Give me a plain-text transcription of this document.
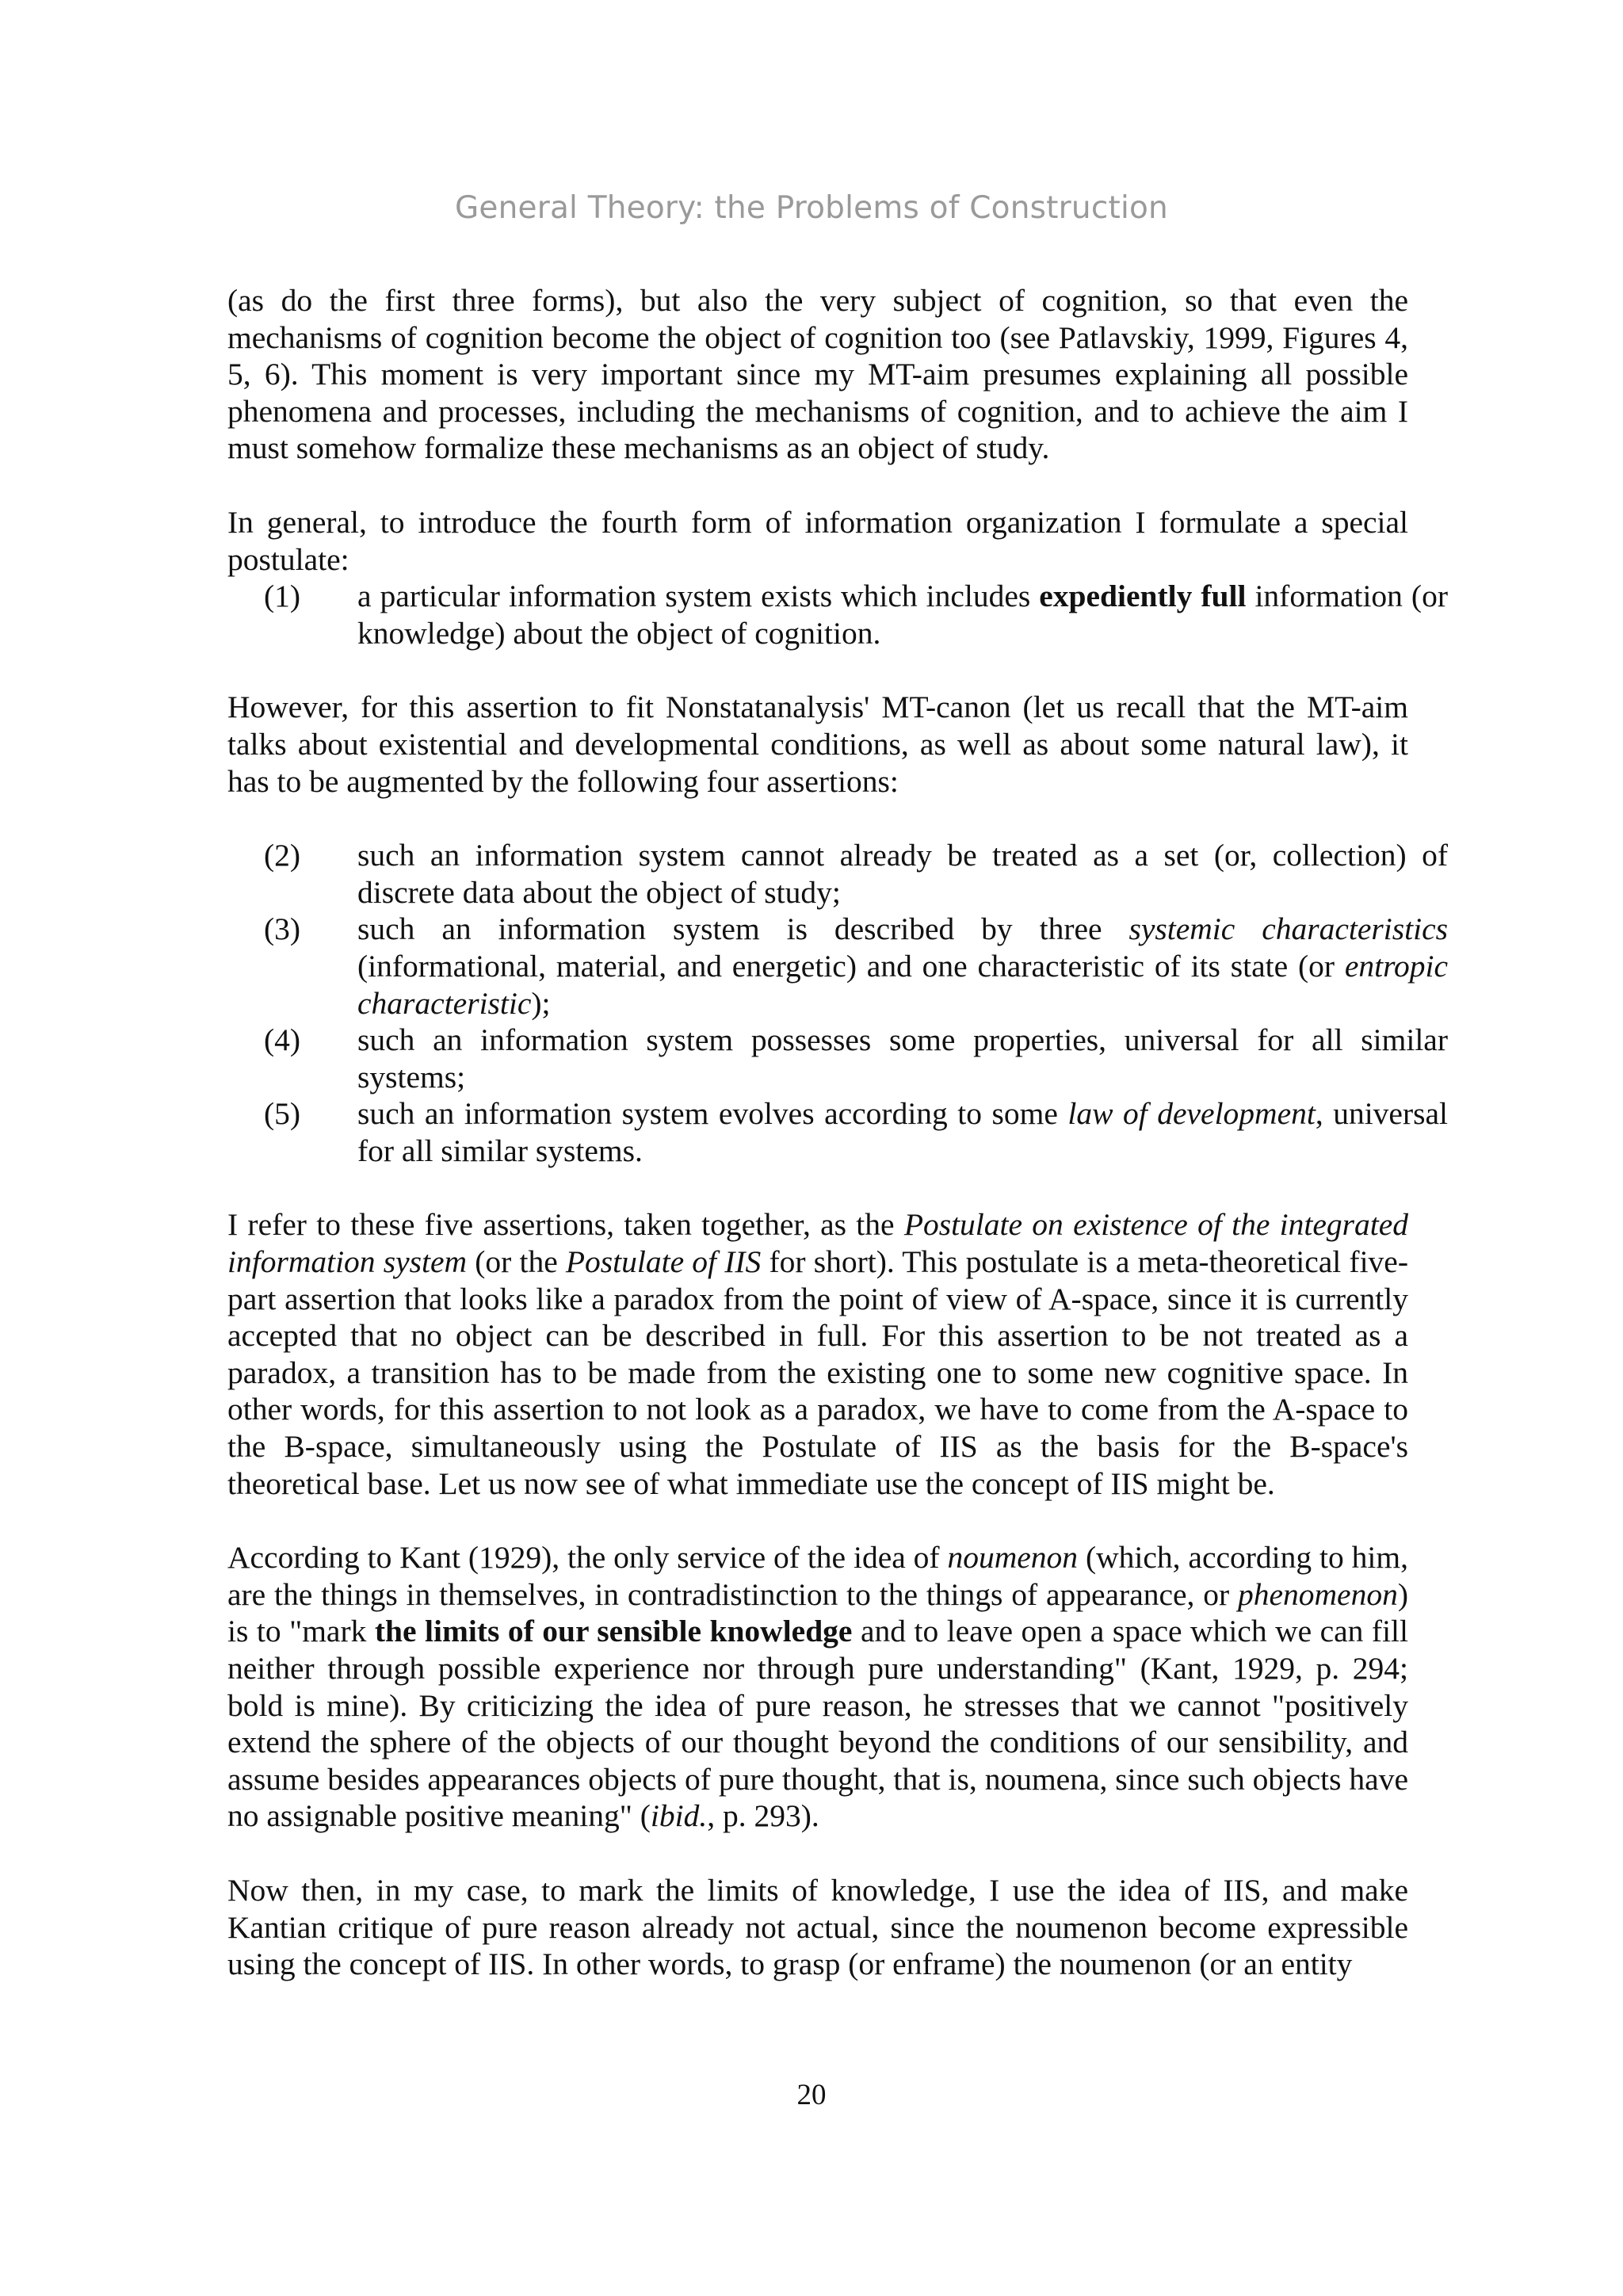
General Theory: the Problems of Construction

(as do the first three forms), but also the very subject of cognition, so that even the mechanisms of cognition become the object of cognition too (see Patlavskiy, 1999, Figures 4, 5, 6). This moment is very important since my MT-aim presumes explaining all possible phenomena and processes, including the mechanisms of cognition, and to achieve the aim I must somehow formalize these mechanisms as an object of study.

In general, to introduce the fourth form of information organization I formulate a special postulate:

(1) a particular information system exists which includes expediently full information (or knowledge) about the object of cognition.

However, for this assertion to fit Nonstatanalysis' MT-canon (let us recall that the MT-aim talks about existential and developmental conditions, as well as about some natural law), it has to be augmented by the following four assertions:

(2) such an information system cannot already be treated as a set (or, collection) of discrete data about the object of study;
(3) such an information system is described by three systemic characteristics (informational, material, and energetic) and one characteristic of its state (or entropic characteristic);
(4) such an information system possesses some properties, universal for all similar systems;
(5) such an information system evolves according to some law of development, universal for all similar systems.

I refer to these five assertions, taken together, as the Postulate on existence of the integrated information system (or the Postulate of IIS for short). This postulate is a meta-theoretical five-part assertion that looks like a paradox from the point of view of A-space, since it is currently accepted that no object can be described in full. For this assertion to be not treated as a paradox, a transition has to be made from the existing one to some new cognitive space. In other words, for this assertion to not look as a paradox, we have to come from the A-space to the B-space, simultaneously using the Postulate of IIS as the basis for the B-space's theoretical base. Let us now see of what immediate use the concept of IIS might be.

According to Kant (1929), the only service of the idea of noumenon (which, according to him, are the things in themselves, in contradistinction to the things of appearance, or phenomenon) is to "mark the limits of our sensible knowledge and to leave open a space which we can fill neither through possible experience nor through pure understanding" (Kant, 1929, p. 294; bold is mine). By criticizing the idea of pure reason, he stresses that we cannot "positively extend the sphere of the objects of our thought beyond the conditions of our sensibility, and assume besides appearances objects of pure thought, that is, noumena, since such objects have no assignable positive meaning" (ibid., p. 293).

Now then, in my case, to mark the limits of knowledge, I use the idea of IIS, and make Kantian critique of pure reason already not actual, since the noumenon become expressible using the concept of IIS. In other words, to grasp (or enframe) the noumenon (or an entity

20
